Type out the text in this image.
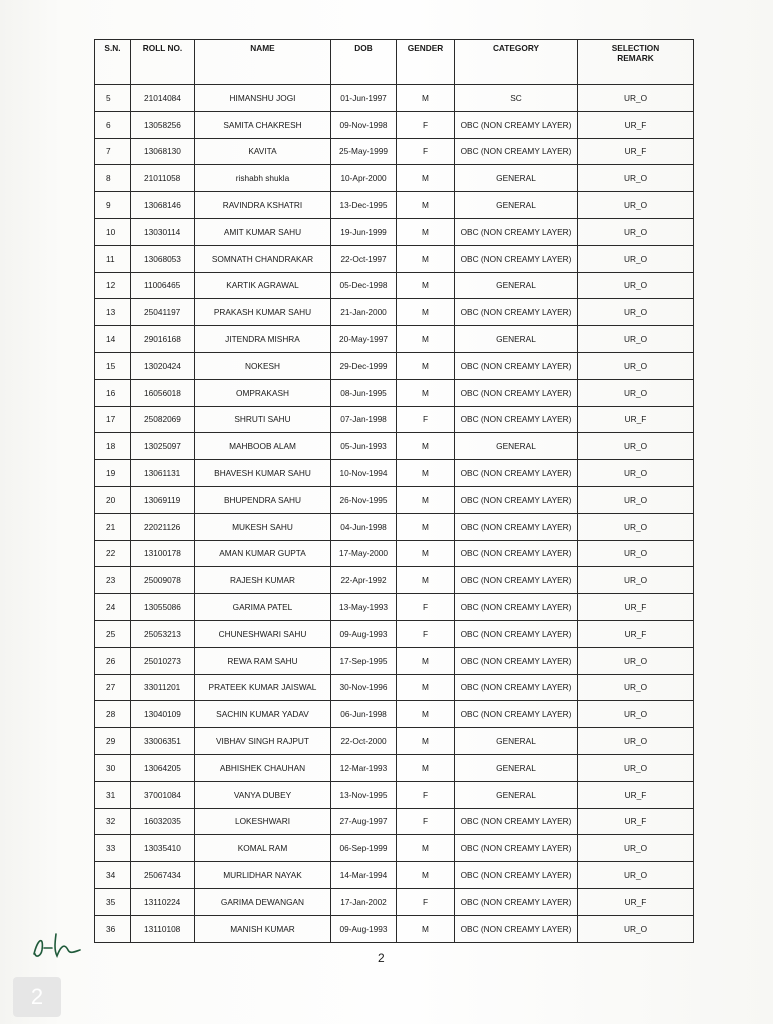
S.N.	ROLL NO.	NAME	DOB	GENDER	CATEGORY	SELECTION
REMARK
5	21014084	HIMANSHU JOGI	01-Jun-1997	M	SC	UR_O
6	13058256	SAMITA CHAKRESH	09-Nov-1998	F	OBC (NON CREAMY LAYER)	UR_F
7	13068130	KAVITA	25-May-1999	F	OBC (NON CREAMY LAYER)	UR_F
8	21011058	rishabh shukla	10-Apr-2000	M	GENERAL	UR_O
9	13068146	RAVINDRA KSHATRI	13-Dec-1995	M	GENERAL	UR_O
10	13030114	AMIT KUMAR SAHU	19-Jun-1999	M	OBC (NON CREAMY LAYER)	UR_O
11	13068053	SOMNATH CHANDRAKAR	22-Oct-1997	M	OBC (NON CREAMY LAYER)	UR_O
12	11006465	KARTIK AGRAWAL	05-Dec-1998	M	GENERAL	UR_O
13	25041197	PRAKASH KUMAR SAHU	21-Jan-2000	M	OBC (NON CREAMY LAYER)	UR_O
14	29016168	JITENDRA MISHRA	20-May-1997	M	GENERAL	UR_O
15	13020424	NOKESH	29-Dec-1999	M	OBC (NON CREAMY LAYER)	UR_O
16	16056018	OMPRAKASH	08-Jun-1995	M	OBC (NON CREAMY LAYER)	UR_O
17	25082069	SHRUTI SAHU	07-Jan-1998	F	OBC (NON CREAMY LAYER)	UR_F
18	13025097	MAHBOOB ALAM	05-Jun-1993	M	GENERAL	UR_O
19	13061131	BHAVESH KUMAR SAHU	10-Nov-1994	M	OBC (NON CREAMY LAYER)	UR_O
20	13069119	BHUPENDRA SAHU	26-Nov-1995	M	OBC (NON CREAMY LAYER)	UR_O
21	22021126	MUKESH SAHU	04-Jun-1998	M	OBC (NON CREAMY LAYER)	UR_O
22	13100178	AMAN KUMAR GUPTA	17-May-2000	M	OBC (NON CREAMY LAYER)	UR_O
23	25009078	RAJESH KUMAR	22-Apr-1992	M	OBC (NON CREAMY LAYER)	UR_O
24	13055086	GARIMA PATEL	13-May-1993	F	OBC (NON CREAMY LAYER)	UR_F
25	25053213	CHUNESHWARI SAHU	09-Aug-1993	F	OBC (NON CREAMY LAYER)	UR_F
26	25010273	REWA RAM SAHU	17-Sep-1995	M	OBC (NON CREAMY LAYER)	UR_O
27	33011201	PRATEEK KUMAR JAISWAL	30-Nov-1996	M	OBC (NON CREAMY LAYER)	UR_O
28	13040109	SACHIN KUMAR YADAV	06-Jun-1998	M	OBC (NON CREAMY LAYER)	UR_O
29	33006351	VIBHAV SINGH RAJPUT	22-Oct-2000	M	GENERAL	UR_O
30	13064205	ABHISHEK CHAUHAN	12-Mar-1993	M	GENERAL	UR_O
31	37001084	VANYA DUBEY	13-Nov-1995	F	GENERAL	UR_F
32	16032035	LOKESHWARI	27-Aug-1997	F	OBC (NON CREAMY LAYER)	UR_F
33	13035410	KOMAL RAM	06-Sep-1999	M	OBC (NON CREAMY LAYER)	UR_O
34	25067434	MURLIDHAR NAYAK	14-Mar-1994	M	OBC (NON CREAMY LAYER)	UR_O
35	13110224	GARIMA DEWANGAN	17-Jan-2002	F	OBC (NON CREAMY LAYER)	UR_F
36	13110108	MANISH KUMAR	09-Aug-1993	M	OBC (NON CREAMY LAYER)	UR_O
2
2
